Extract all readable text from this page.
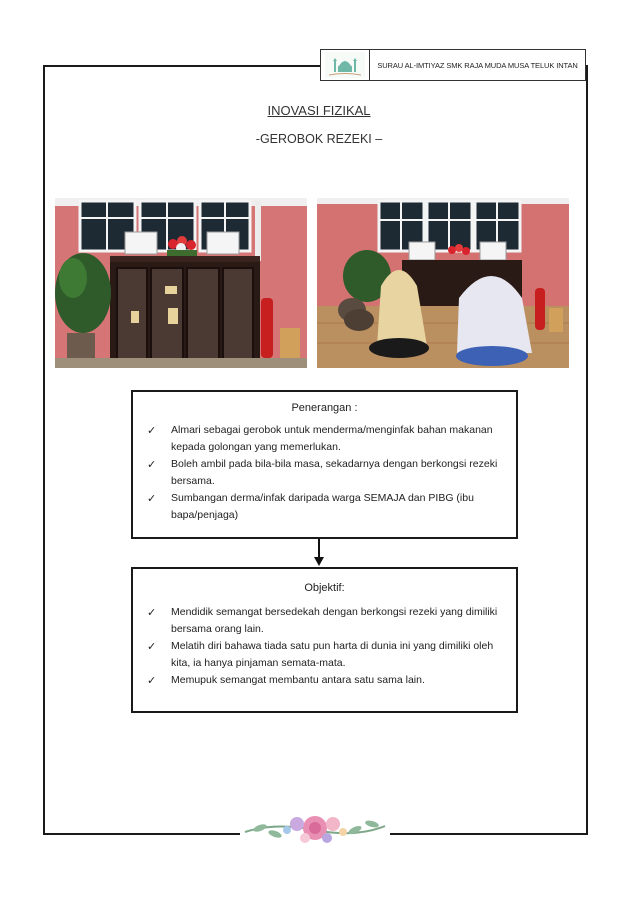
SURAU AL-IMTIYAZ SMK RAJA MUDA MUSA TELUK INTAN
INOVASI FIZIKAL
-GEROBOK REZEKI –
Penerangan :
✓ Almari sebagai gerobok untuk menderma/menginfak bahan makanan kepada golongan yang memerlukan.
✓ Boleh ambil pada bila-bila masa, sekadarnya dengan berkongsi rezeki bersama.
✓ Sumbangan derma/infak daripada warga SEMAJA dan PIBG (ibu bapa/penjaga)
Objektif:
✓ Mendidik semangat bersedekah dengan berkongsi rezeki yang dimiliki bersama orang lain.
✓ Melatih diri bahawa tiada satu pun harta di dunia ini yang dimiliki oleh kita, ia hanya pinjaman semata-mata.
✓ Memupuk semangat membantu antara satu sama lain.
